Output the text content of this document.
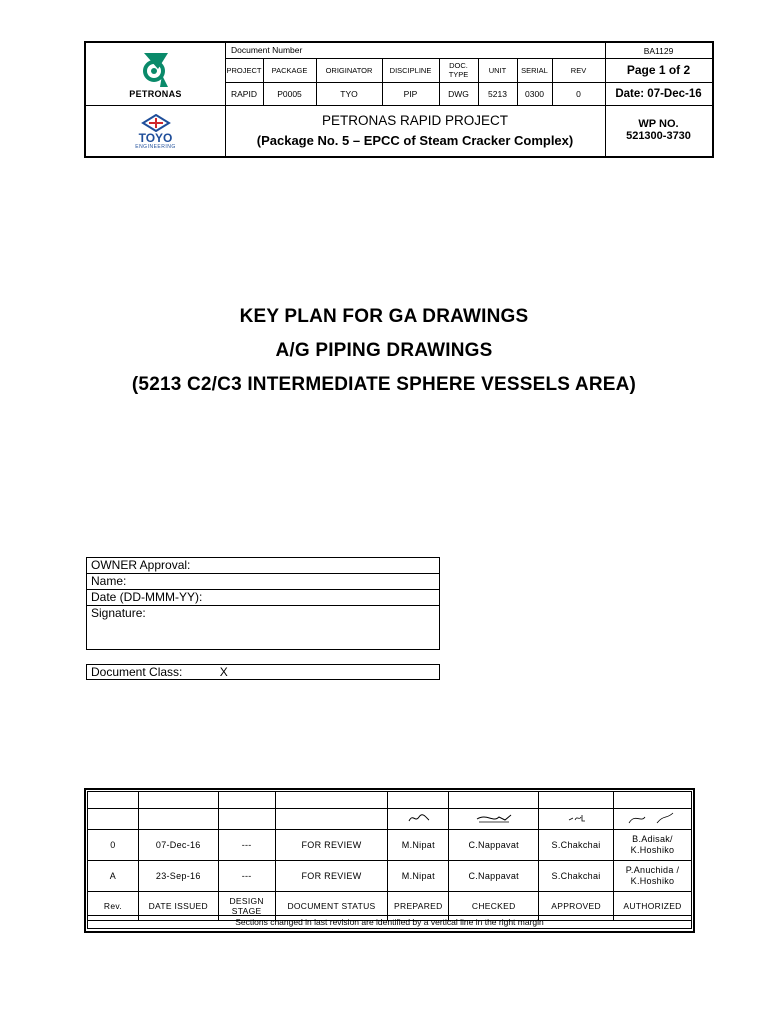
PETRONAS
TOYO
ENGINEERING
Document Number	BA1129
PROJECT	PACKAGE	ORIGINATOR	DISCIPLINE	DOC. TYPE	UNIT	SERIAL	REV	Page 1 of 2
RAPID	P0005	TYO	PIP	DWG	5213	0300	0	Date: 07-Dec-16
PETRONAS RAPID PROJECT
(Package No. 5 – EPCC of Steam Cracker Complex)
WP NO.
521300-3730
KEY PLAN FOR GA DRAWINGS
A/G PIPING DRAWINGS
(5213 C2/C3 INTERMEDIATE SPHERE VESSELS AREA)
OWNER Approval:
Name:
Date (DD-MMM-YY):
Signature:
Document Class:	X

0	07-Dec-16	---	FOR REVIEW	M.Nipat	C.Nappavat	S.Chakchai	B.Adisak/
K.Hoshiko
A	23-Sep-16	---	FOR REVIEW	M.Nipat	C.Nappavat	S.Chakchai	P.Anuchida /
K.Hoshiko
Rev.	DATE ISSUED	DESIGN STAGE	DOCUMENT STATUS	PREPARED	CHECKED	APPROVED	AUTHORIZED
Sections changed in last revision are identified by a vertical line in the right margin
